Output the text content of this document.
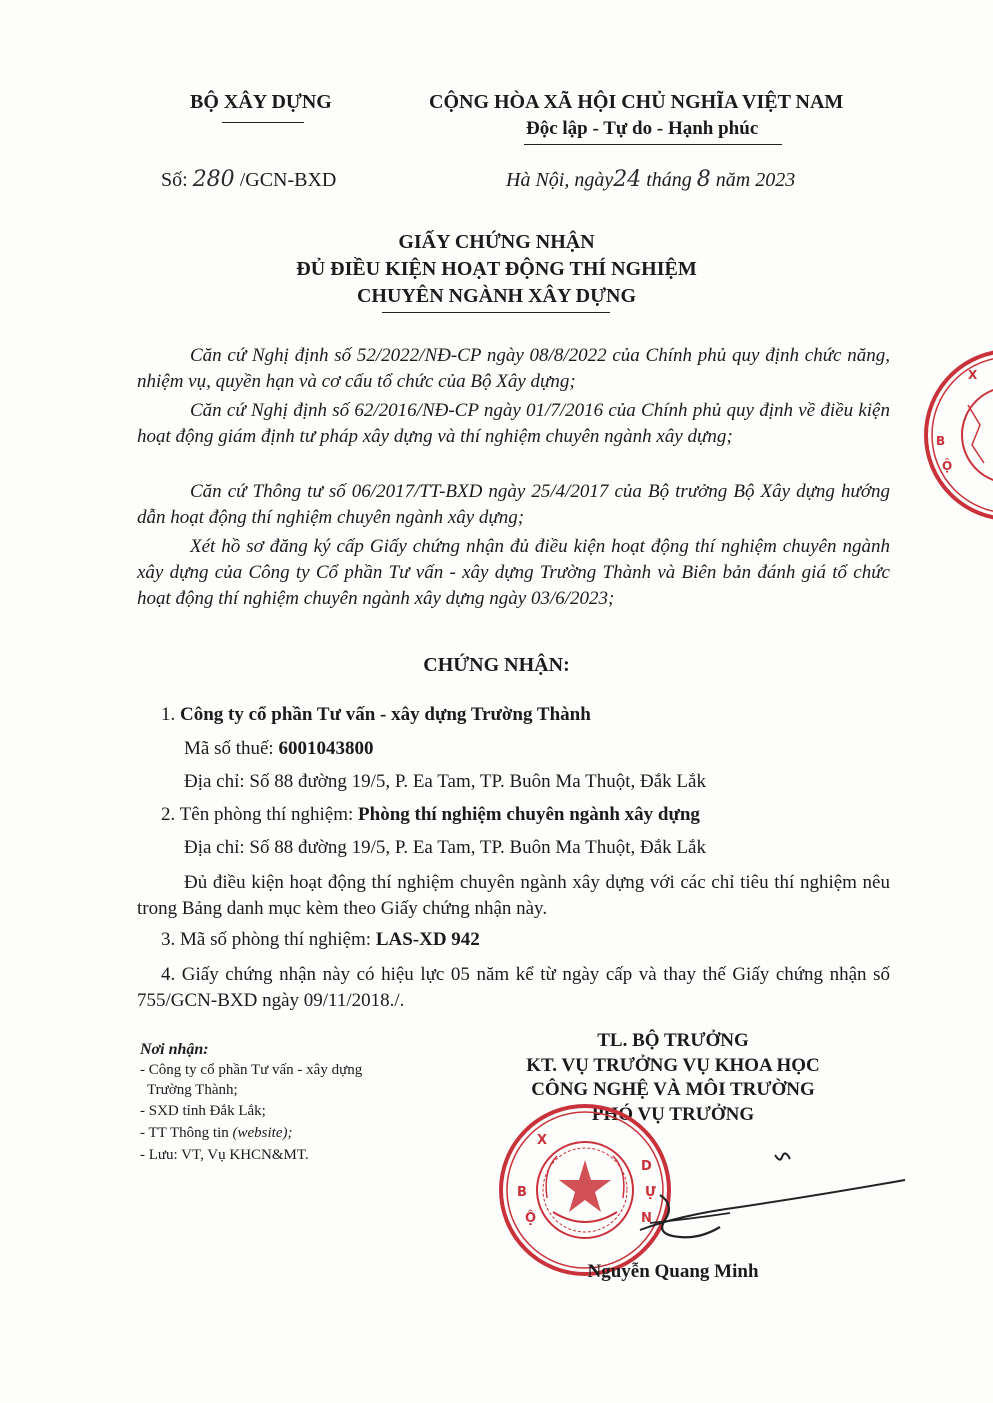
BỘ XÂY DỰNG	CỘNG HÒA XÃ HỘI CHỦ NGHĨA VIỆT NAM
Độc lập - Tự do - Hạnh phúc
Số: 280 /GCN-BXD	Hà Nội, ngày24 tháng 8 năm 2023
GIẤY CHỨNG NHẬN
ĐỦ ĐIỀU KIỆN HOẠT ĐỘNG THÍ NGHIỆM
CHUYÊN NGÀNH XÂY DỰNG
Căn cứ Nghị định số 52/2022/NĐ-CP ngày 08/8/2022 của Chính phủ quy định chức năng, nhiệm vụ, quyền hạn và cơ cấu tổ chức của Bộ Xây dựng;
Căn cứ Nghị định số 62/2016/NĐ-CP ngày 01/7/2016 của Chính phủ quy định về điều kiện hoạt động giám định tư pháp xây dựng và thí nghiệm chuyên ngành xây dựng;
Căn cứ Thông tư số 06/2017/TT-BXD ngày 25/4/2017 của Bộ trưởng Bộ Xây dựng hướng dẫn hoạt động thí nghiệm chuyên ngành xây dựng;
Xét hồ sơ đăng ký cấp Giấy chứng nhận đủ điều kiện hoạt động thí nghiệm chuyên ngành xây dựng của Công ty Cổ phần Tư vấn - xây dựng Trường Thành và Biên bản đánh giá tổ chức hoạt động thí nghiệm chuyên ngành xây dựng ngày 03/6/2023;
CHỨNG NHẬN:
1. Công ty cổ phần Tư vấn - xây dựng Trường Thành
Mã số thuế: 6001043800
Địa chỉ: Số 88 đường 19/5, P. Ea Tam, TP. Buôn Ma Thuột, Đắk Lắk
2. Tên phòng thí nghiệm: Phòng thí nghiệm chuyên ngành xây dựng
Địa chỉ: Số 88 đường 19/5, P. Ea Tam, TP. Buôn Ma Thuột, Đắk Lắk
Đủ điều kiện hoạt động thí nghiệm chuyên ngành xây dựng với các chỉ tiêu thí nghiệm nêu trong Bảng danh mục kèm theo Giấy chứng nhận này.
3. Mã số phòng thí nghiệm: LAS-XD 942
4. Giấy chứng nhận này có hiệu lực 05 năm kể từ ngày cấp và thay thế Giấy chứng nhận số 755/GCN-BXD ngày 09/11/2018./.
Nơi nhận:
- Công ty cổ phần Tư vấn - xây dựng
Trường Thành;
- SXD tỉnh Đắk Lắk;
- TT Thông tin (website);
- Lưu: VT, Vụ KHCN&MT.
TL. BỘ TRƯỞNG
KT. VỤ TRƯỞNG VỤ KHOA HỌC
CÔNG NGHỆ VÀ MÔI TRƯỜNG
PHÓ VỤ TRƯỞNG
B
Ộ
X
D
Ự
N
Nguyễn Quang Minh
B
Ộ
X
